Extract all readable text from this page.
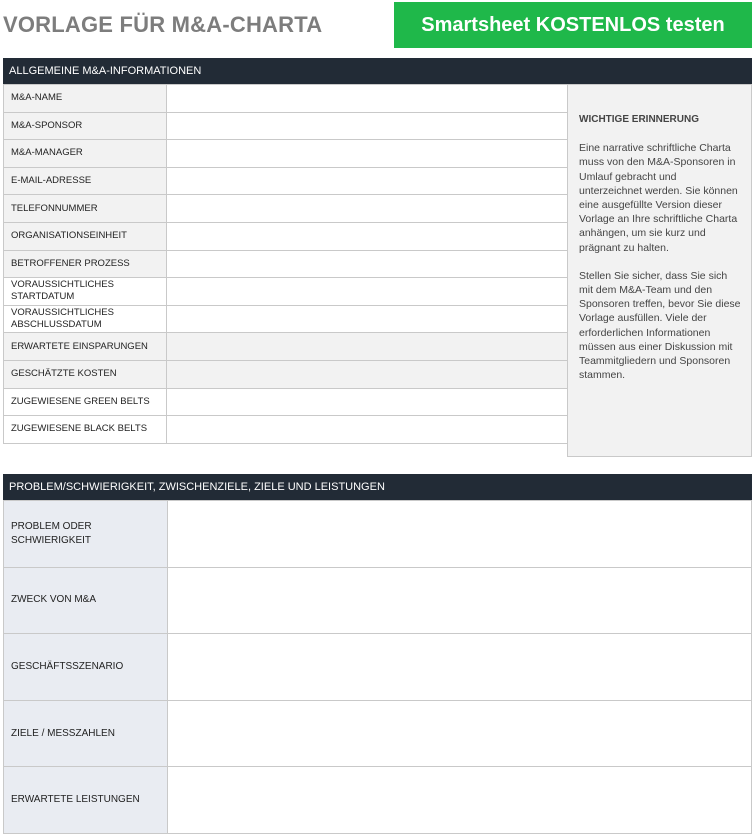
VORLAGE FÜR M&A-CHARTA	Smartsheet KOSTENLOS testen
ALLGEMEINE M&A-INFORMATIONEN
M&A-NAME	
M&A-SPONSOR	
M&A-MANAGER	
E-MAIL-ADRESSE	
TELEFONNUMMER	
ORGANISATIONSEINHEIT	
BETROFFENER PROZESS	
VORAUSSICHTLICHES STARTDATUM	
VORAUSSICHTLICHES ABSCHLUSSDATUM	
ERWARTETE EINSPARUNGEN	
GESCHÄTZTE KOSTEN	
ZUGEWIESENE GREEN BELTS	
ZUGEWIESENE BLACK BELTS	
WICHTIGE ERINNERUNG

Eine narrative schriftliche Charta muss von den M&A-Sponsoren in Umlauf gebracht und unterzeichnet werden. Sie können eine ausgefüllte Version dieser Vorlage an Ihre schriftliche Charta anhängen, um sie kurz und prägnant zu halten.

Stellen Sie sicher, dass Sie sich mit dem M&A-Team und den Sponsoren treffen, bevor Sie diese Vorlage ausfüllen. Viele der erforderlichen Informationen müssen aus einer Diskussion mit Teammitgliedern und Sponsoren stammen.

PROBLEM/SCHWIERIGKEIT, ZWISCHENZIELE, ZIELE UND LEISTUNGEN
PROBLEM ODER SCHWIERIGKEIT	
ZWECK VON M&A	
GESCHÄFTSSZENARIO	
ZIELE / MESSZAHLEN	
ERWARTETE LEISTUNGEN	
